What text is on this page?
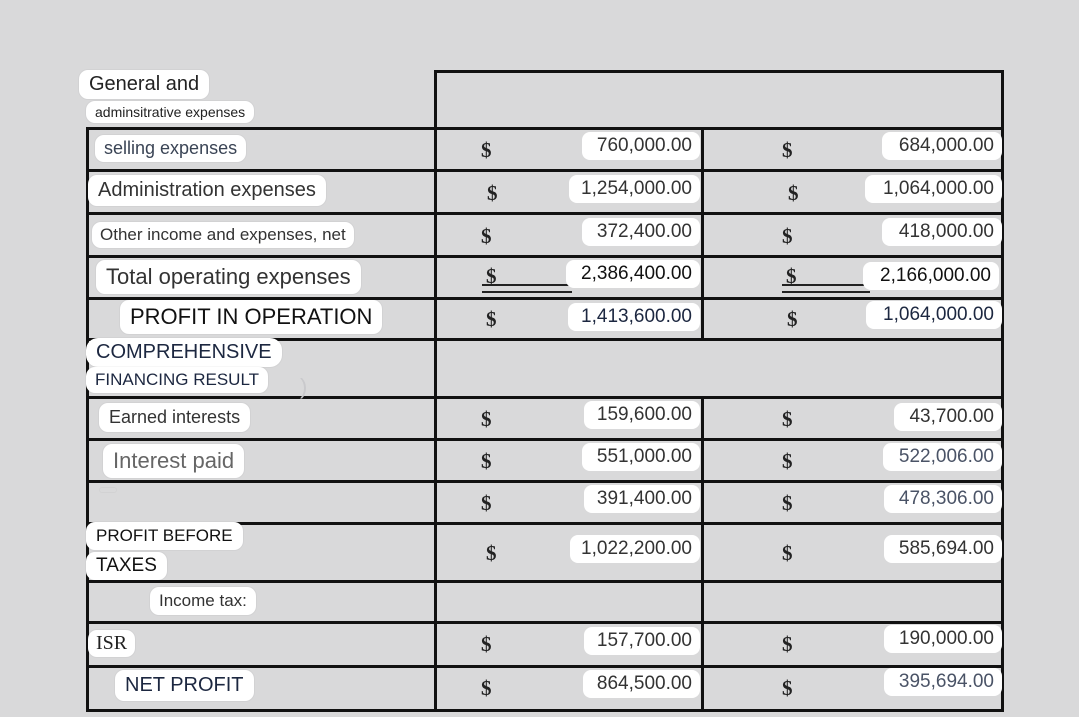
)
General and
adminsitrative expenses
selling expenses	$	760,000.00	$	684,000.00
Administration expenses	$	1,254,000.00	$	1,064,000.00
Other income and expenses, net	$	372,400.00	$	418,000.00
Total operating expenses	$	2,386,400.00	$	2,166,000.00
PROFIT IN OPERATION	$	1,413,600.00	$	1,064,000.00
COMPREHENSIVE
FINANCING RESULT
Earned interests	$	159,600.00	$	43,700.00
Interest paid	$	551,000.00	$	522,006.00
$	391,400.00	$	478,306.00
PROFIT BEFORE
TAXES
$	1,022,200.00	$	585,694.00
Income tax:
ISR	$	157,700.00	$	190,000.00
NET PROFIT	$	864,500.00	$	395,694.00
